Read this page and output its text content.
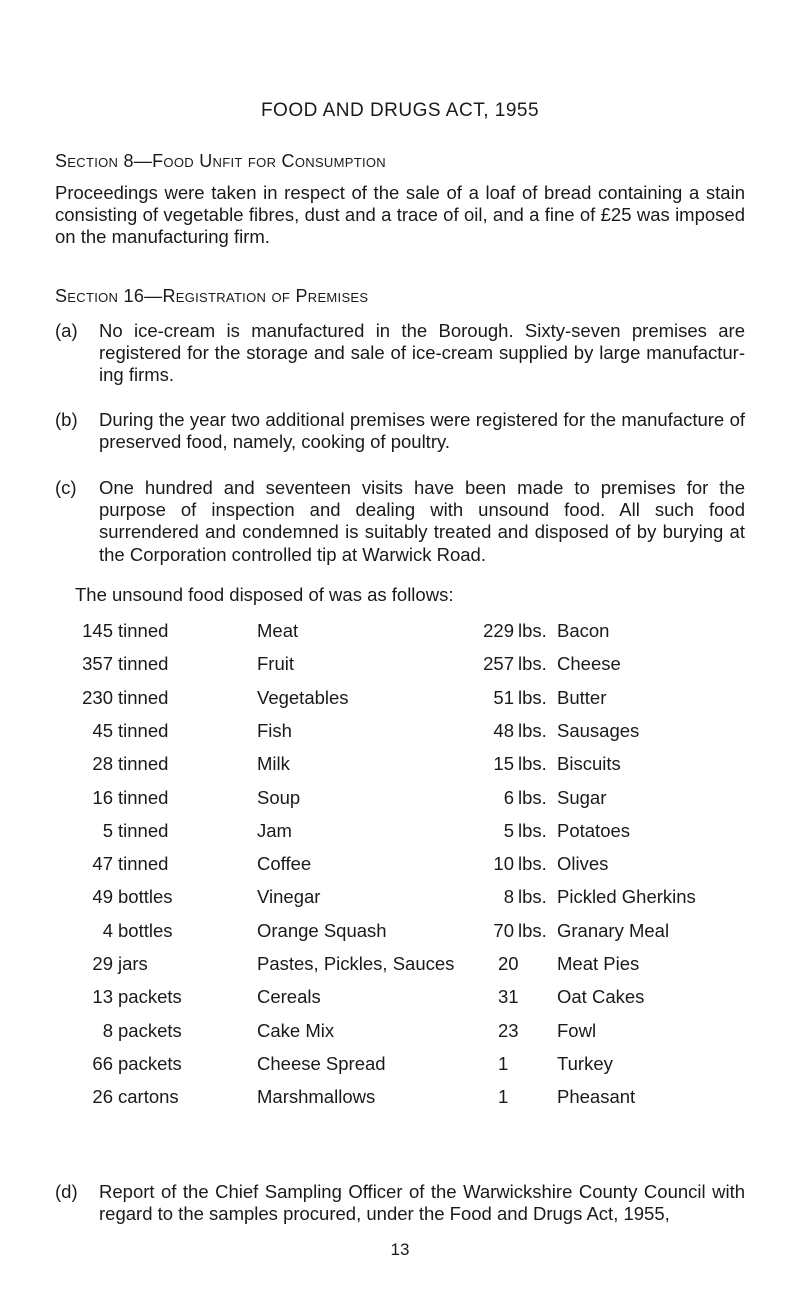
FOOD AND DRUGS ACT, 1955
Section 8—Food Unfit for Consumption
Proceedings were taken in respect of the sale of a loaf of bread containing a stain consisting of vegetable fibres, dust and a trace of oil, and a fine of £25 was imposed on the manufacturing firm.
Section 16—Registration of Premises
(a) No ice-cream is manufactured in the Borough. Sixty-seven premises are registered for the storage and sale of ice-cream supplied by large manufactur-ing firms.
(b) During the year two additional premises were registered for the manufacture of preserved food, namely, cooking of poultry.
(c) One hundred and seventeen visits have been made to premises for the purpose of inspection and dealing with unsound food. All such food surrendered and condemned is suitably treated and disposed of by burying at the Corporation controlled tip at Warwick Road.
The unsound food disposed of was as follows:
145 tinned	Meat	229 lbs. Bacon
357 tinned	Fruit	257 lbs. Cheese
230 tinned	Vegetables	51 lbs. Butter
45 tinned	Fish	48 lbs. Sausages
28 tinned	Milk	15 lbs. Biscuits
16 tinned	Soup	6 lbs. Sugar
5 tinned	Jam	5 lbs. Potatoes
47 tinned	Coffee	10 lbs. Olives
49 bottles	Vinegar	8 lbs. Pickled Gherkins
4 bottles	Orange Squash	70 lbs. Granary Meal
29 jars	Pastes, Pickles, Sauces 20 Meat Pies
13 packets	Cereals	31 Oat Cakes
8 packets	Cake Mix	23 Fowl
66 packets	Cheese Spread	1	Turkey
26 cartons	Marshmallows	1	Pheasant
(d) Report of the Chief Sampling Officer of the Warwickshire County Council with regard to the samples procured, under the Food and Drugs Act, 1955,
13
